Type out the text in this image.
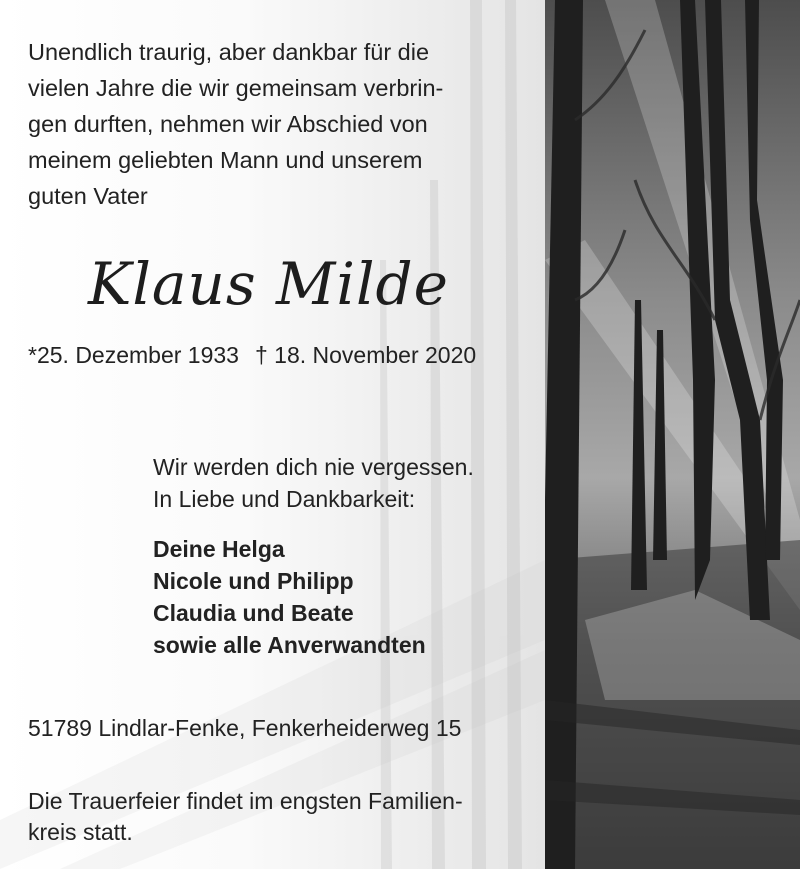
Unendlich traurig, aber dankbar für die
vielen Jahre die wir gemeinsam verbrin-
gen durften, nehmen wir Abschied von
meinem geliebten Mann und unserem
guten Vater
Klaus Milde
*25. Dezember 1933 † 18. November 2020
Wir werden dich nie vergessen.
In Liebe und Dankbarkeit:
Deine Helga
Nicole und Philipp
Claudia und Beate
sowie alle Anverwandten
51789 Lindlar-Fenke, Fenkerheiderweg 15
Die Trauerfeier findet im engsten Familien-
kreis statt.
